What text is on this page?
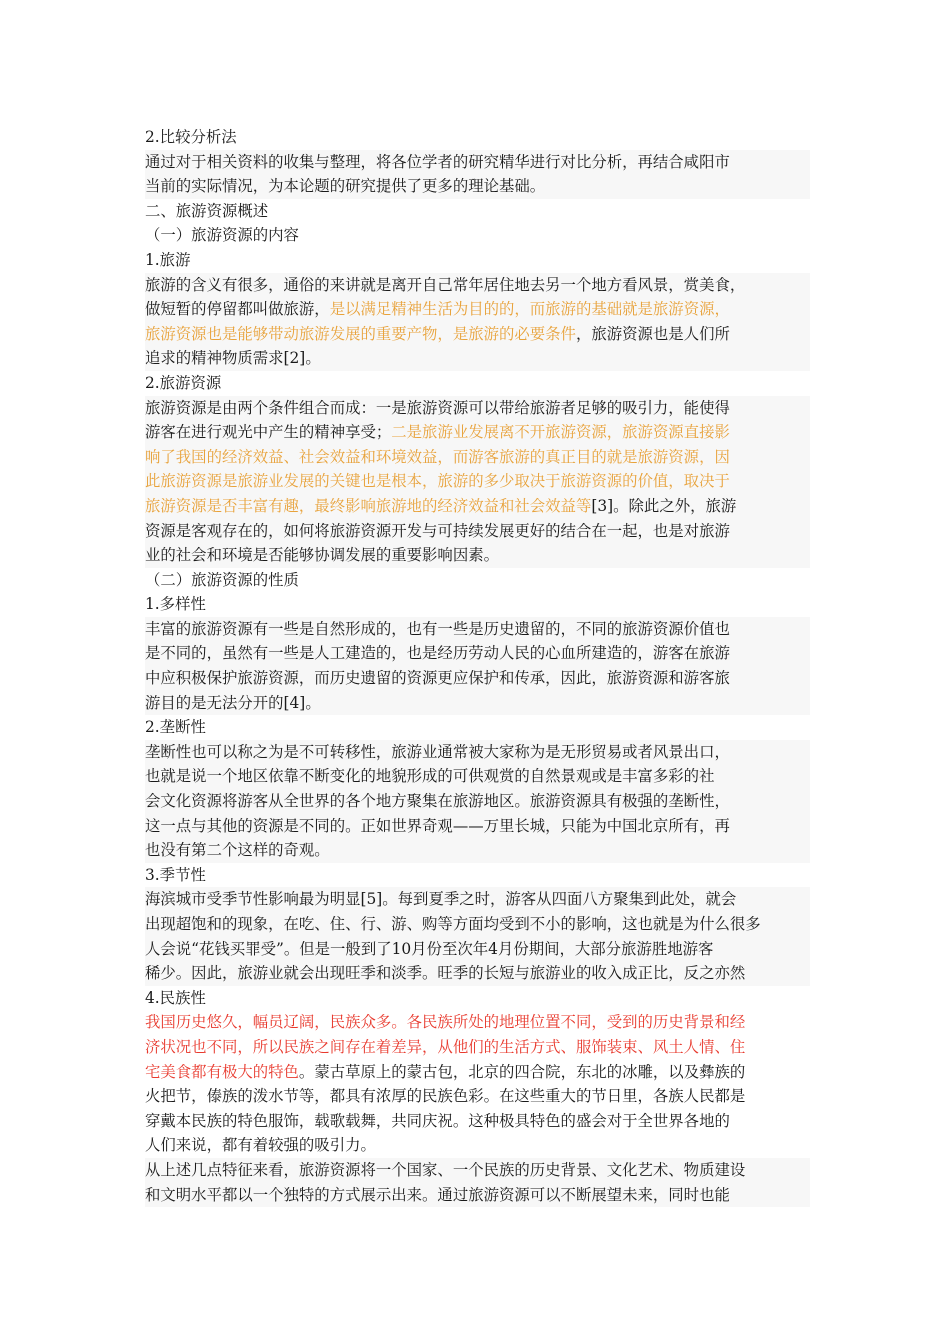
2.比较分析法
通过对于相关资料的收集与整理，将各位学者的研究精华进行对比分析，再结合咸阳市
当前的实际情况，为本论题的研究提供了更多的理论基础。
二、旅游资源概述
（一）旅游资源的内容
1.旅游
旅游的含义有很多，通俗的来讲就是离开自己常年居住地去另一个地方看风景，赏美食，
做短暂的停留都叫做旅游，是以满足精神生活为目的的，而旅游的基础就是旅游资源，
旅游资源也是能够带动旅游发展的重要产物，是旅游的必要条件，旅游资源也是人们所
追求的精神物质需求[2]。
2.旅游资源
旅游资源是由两个条件组合而成：一是旅游资源可以带给旅游者足够的吸引力，能使得
游客在进行观光中产生的精神享受；二是旅游业发展离不开旅游资源，旅游资源直接影
响了我国的经济效益、社会效益和环境效益，而游客旅游的真正目的就是旅游资源，因
此旅游资源是旅游业发展的关键也是根本，旅游的多少取决于旅游资源的价值，取决于
旅游资源是否丰富有趣，最终影响旅游地的经济效益和社会效益等[3]。除此之外，旅游
资源是客观存在的，如何将旅游资源开发与可持续发展更好的结合在一起，也是对旅游
业的社会和环境是否能够协调发展的重要影响因素。
（二）旅游资源的性质
1.多样性
丰富的旅游资源有一些是自然形成的，也有一些是历史遗留的，不同的旅游资源价值也
是不同的，虽然有一些是人工建造的，也是经历劳动人民的心血所建造的，游客在旅游
中应积极保护旅游资源，而历史遗留的资源更应保护和传承，因此，旅游资源和游客旅
游目的是无法分开的[4]。
2.垄断性
垄断性也可以称之为是不可转移性，旅游业通常被大家称为是无形贸易或者风景出口，
也就是说一个地区依靠不断变化的地貌形成的可供观赏的自然景观或是丰富多彩的社
会文化资源将游客从全世界的各个地方聚集在旅游地区。旅游资源具有极强的垄断性，
这一点与其他的资源是不同的。正如世界奇观——万里长城，只能为中国北京所有，再
也没有第二个这样的奇观。
3.季节性
海滨城市受季节性影响最为明显[5]。每到夏季之时，游客从四面八方聚集到此处，就会
出现超饱和的现象，在吃、住、行、游、购等方面均受到不小的影响，这也就是为什么很多
人会说“花钱买罪受”。但是一般到了10月份至次年4月份期间，大部分旅游胜地游客
稀少。因此，旅游业就会出现旺季和淡季。旺季的长短与旅游业的收入成正比，反之亦然
4.民族性
我国历史悠久，幅员辽阔，民族众多。各民族所处的地理位置不同，受到的历史背景和经
济状况也不同，所以民族之间存在着差异，从他们的生活方式、服饰装束、风土人情、住
宅美食都有极大的特色。蒙古草原上的蒙古包，北京的四合院，东北的冰雕，以及彝族的
火把节，傣族的泼水节等，都具有浓厚的民族色彩。在这些重大的节日里，各族人民都是
穿戴本民族的特色服饰，载歌载舞，共同庆祝。这种极具特色的盛会对于全世界各地的
人们来说，都有着较强的吸引力。
从上述几点特征来看，旅游资源将一个国家、一个民族的历史背景、文化艺术、物质建设
和文明水平都以一个独特的方式展示出来。通过旅游资源可以不断展望未来，同时也能
